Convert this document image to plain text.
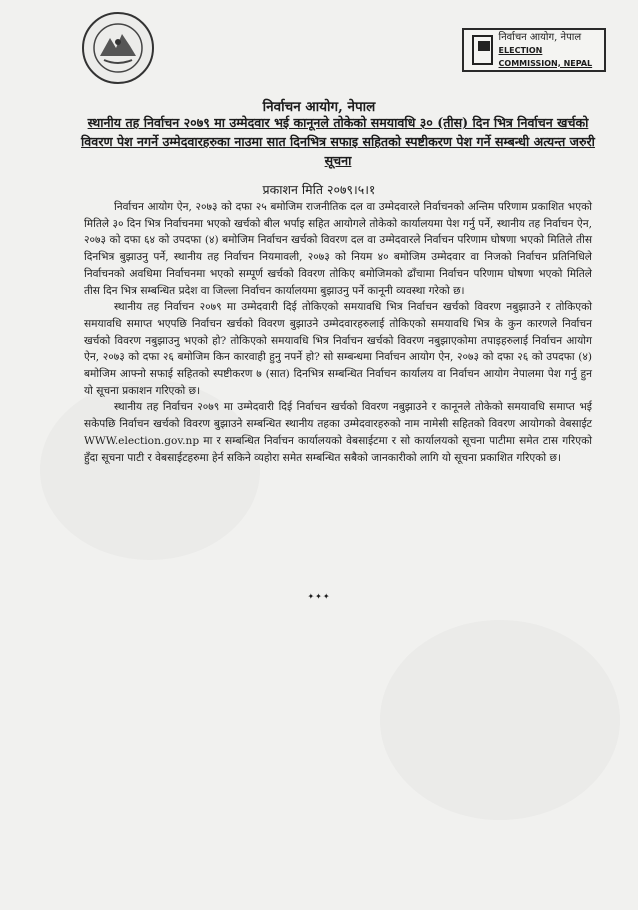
निर्वाचन आयोग, नेपाल
ELECTION COMMISSION, NEPAL
निर्वाचन आयोग, नेपाल
स्थानीय तह निर्वाचन २०७९ मा उम्मेदवार भई कानूनले तोकेको समयावधि ३० (तीस) दिन भित्र निर्वाचन खर्चको विवरण पेश नगर्ने उम्मेदवारहरुका नाउमा सात दिनभित्र सफाइ सहितको स्पष्टीकरण पेश गर्ने सम्बन्धी अत्यन्त जरुरी सूचना
प्रकाशन मिति २०७९।५।१

निर्वाचन आयोग ऐन, २०७३ को दफा २५ बमोजिम राजनीतिक दल वा उम्मेदवारले निर्वाचनको अन्तिम परिणाम प्रकाशित भएको मितिले ३० दिन भित्र निर्वाचनमा भएको खर्चको बील भर्पाइ सहित आयोगले तोकेको कार्यालयमा पेश गर्नु पर्ने, स्थानीय तह निर्वाचन ऐन, २०७३ को दफा ६४ को उपदफा (४) बमोजिम निर्वाचन खर्चको विवरण दल वा उम्मेदवारले निर्वाचन परिणाम घोषणा भएको मितिले तीस दिनभित्र बुझाउनु पर्ने, स्थानीय तह निर्वाचन नियमावली, २०७३ को नियम ४० बमोजिम उम्मेदवार वा निजको निर्वाचन प्रतिनिधिले निर्वाचनको अवधिमा निर्वाचनमा भएको सम्पूर्ण खर्चको विवरण तोकिए बमोजिमको ढाँचामा निर्वाचन परिणाम घोषणा भएको मितिले तीस दिन भित्र सम्बन्धित प्रदेश वा जिल्ला निर्वाचन कार्यालयमा बुझाउनु पर्ने कानूनी व्यवस्था गरेको छ।

स्थानीय तह निर्वाचन २०७९ मा उम्मेदवारी दिई तोकिएको समयावधि भित्र निर्वाचन खर्चको विवरण नबुझाउने र तोकिएको समयावधि समाप्त भएपछि निर्वाचन खर्चको विवरण बुझाउने उम्मेदवारहरुलाई तोकिएको समयावधि भित्र के कुन कारणले निर्वाचन खर्चको विवरण नबुझाउनु भएको हो? तोकिएको समयावधि भित्र निर्वाचन खर्चको विवरण नबुझाएकोमा तपाइहरुलाई निर्वाचन आयोग ऐन, २०७३ को दफा २६ बमोजिम किन कारवाही हुनु नपर्ने हो? सो सम्बन्धमा निर्वाचन आयोग ऐन, २०७३ को दफा २६ को उपदफा (४) बमोजिम आफ्नो सफाई सहितको स्पष्टीकरण ७ (सात) दिनभित्र सम्बन्धित निर्वाचन कार्यालय वा निर्वाचन आयोग नेपालमा पेश गर्नु हुन यो सूचना प्रकाशन गरिएको छ।

स्थानीय तह निर्वाचन २०७९ मा उम्मेदवारी दिई निर्वाचन खर्चको विवरण नबुझाउने र कानूनले तोकेको समयावधि समाप्त भई सकेपछि निर्वाचन खर्चको विवरण बुझाउने सम्बन्धित स्थानीय तहका उम्मेदवारहरुको नाम नामेसी सहितको विवरण आयोगको वेबसाईट WWW.election.gov.np मा र सम्बन्धित निर्वाचन कार्यालयको वेबसाईटमा र सो कार्यालयको सूचना पाटीमा समेत टास गरिएको हुँदा सूचना पाटी र वेबसाईटहरुमा हेर्न सकिने व्यहोरा समेत सम्बन्धित सबैको जानकारीको लागि यो सूचना प्रकाशित गरिएको छ।

✦✦✦
